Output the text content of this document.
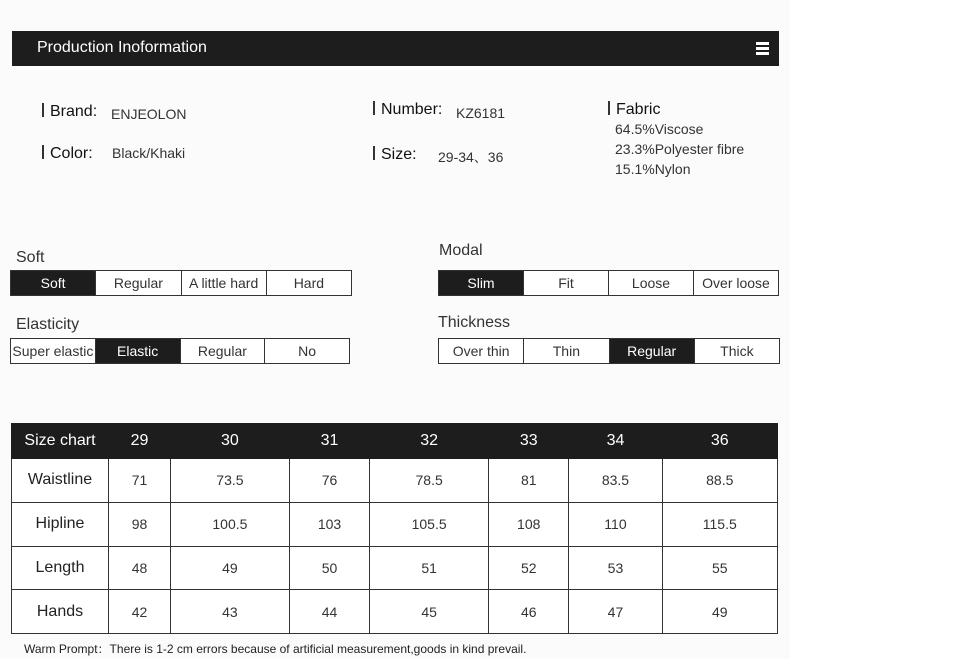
Production Inoformation
Brand: ENJEOLON
Color: Black/Khaki
Number: KZ6181
Size: 29-34、36
Fabric
64.5%Viscose
23.3%Polyester fibre
15.1%Nylon
Soft
Soft	Regular	A little hard	Hard
Modal
Slim	Fit	Loose	Over loose
Elasticity
Super elastic	Elastic	Regular	No
Thickness
Over thin	Thin	Regular	Thick
Size chart	29	30	31	32	33	34	36
Waistline	71	73.5	76	78.5	81	83.5	88.5
Hipline	98	100.5	103	105.5	108	110	115.5
Length	48	49	50	51	52	53	55
Hands	42	43	44	45	46	47	49
Warm Prompt：There is 1-2 cm errors because of artificial measurement,goods in kind prevail.
